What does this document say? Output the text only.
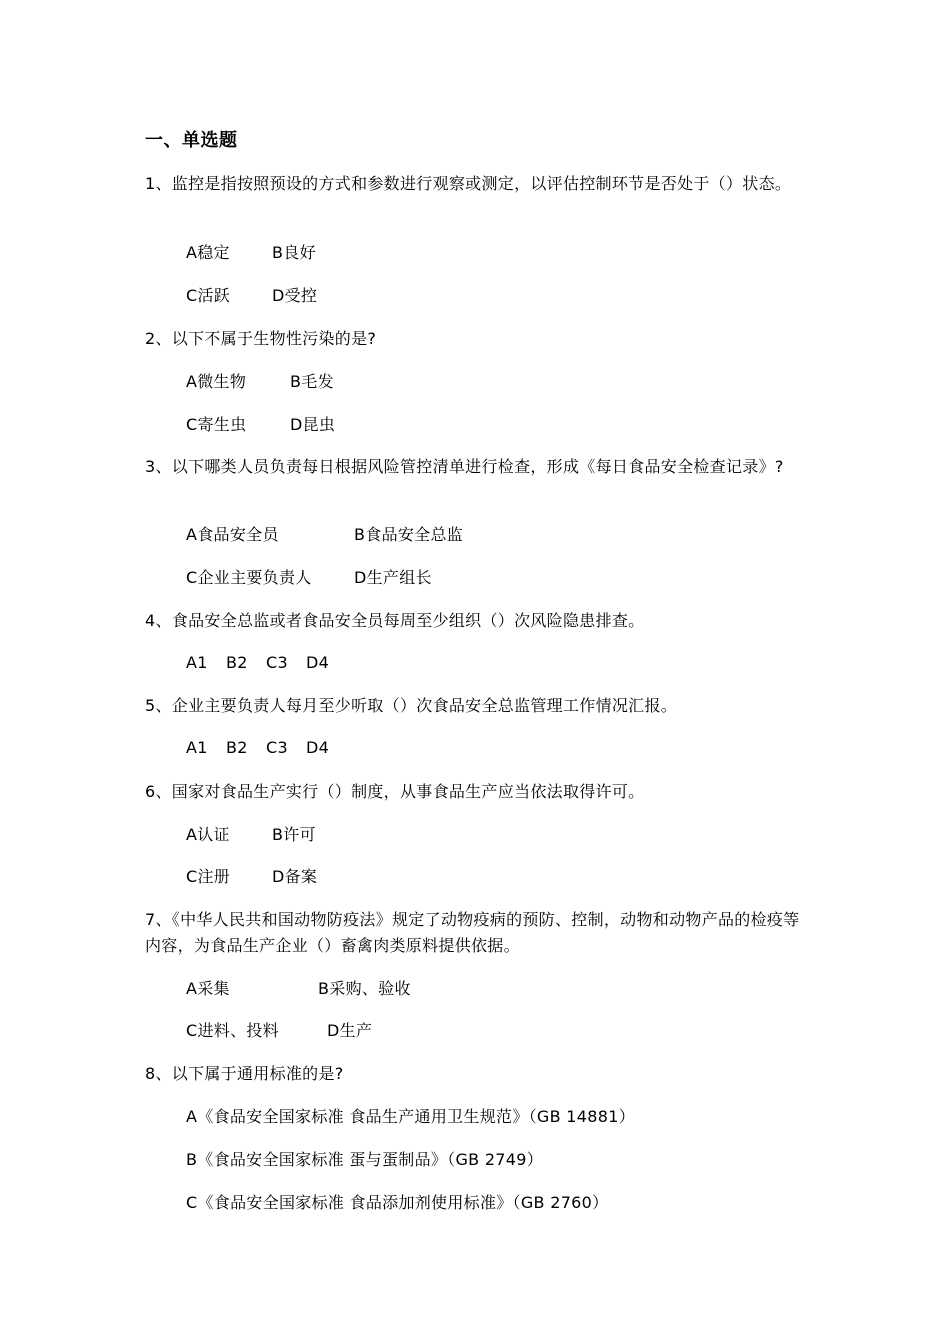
一、单选题
1、监控是指按照预设的方式和参数进行观察或测定，以评估控制环节是否处于（）状态。
A稳定	B良好
C活跃	D受控
2、以下不属于生物性污染的是?
A微生物	B毛发
C寄生虫	D昆虫
3、以下哪类人员负责每日根据风险管控清单进行检查，形成《每日食品安全检查记录》?
A食品安全员	B食品安全总监
C企业主要负责人	D生产组长
4、食品安全总监或者食品安全员每周至少组织（）次风险隐患排查。
A1 B2 C3 D4
5、企业主要负责人每月至少听取（）次食品安全总监管理工作情况汇报。
A1 B2 C3 D4
6、国家对食品生产实行（）制度，从事食品生产应当依法取得许可。
A认证	B许可
C注册	D备案
7、《中华人民共和国动物防疫法》规定了动物疫病的预防、控制，动物和动物产品的检疫等内容，为食品生产企业（）畜禽肉类原料提供依据。
A采集	B采购、验收
C进料、投料	D生产
8、以下属于通用标准的是?
A《食品安全国家标准 食品生产通用卫生规范》（GB 14881）
B《食品安全国家标准 蛋与蛋制品》（GB 2749）
C《食品安全国家标准 食品添加剂使用标准》（GB 2760）
